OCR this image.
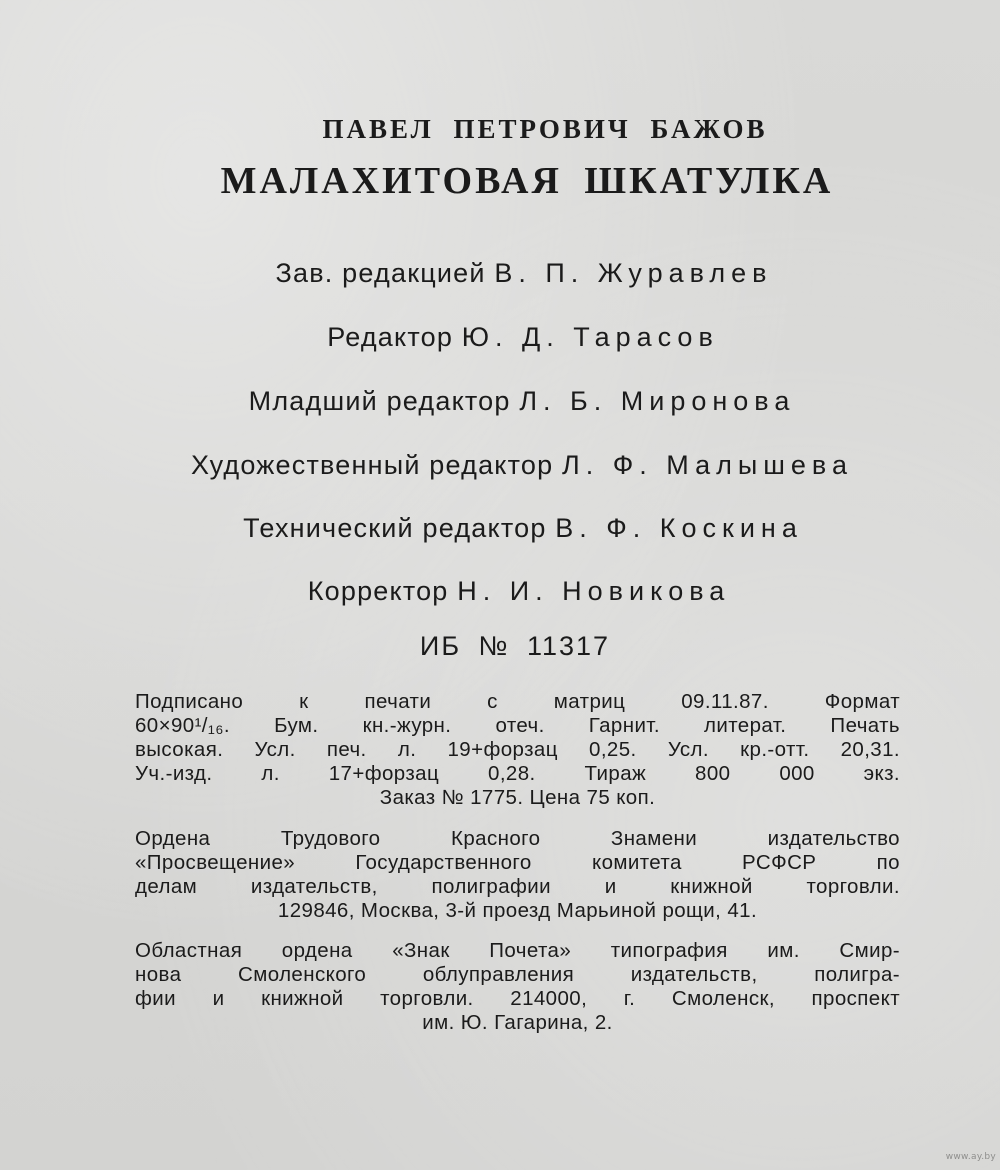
ПАВЕЛ ПЕТРОВИЧ БАЖОВ
МАЛАХИТОВАЯ ШКАТУЛКА
Зав. редакцией В. П. Журавлев
Редактор Ю. Д. Тарасов
Младший редактор Л. Б. Миронова
Художественный редактор Л. Ф. Малышева
Технический редактор В. Ф. Коскина
Корректор Н. И. Новикова
ИБ № 11317
Подписано к печати с матриц 09.11.87. Формат
60×90¹/₁₆. Бум. кн.-журн. отеч. Гарнит. литерат. Печать
высокая. Усл. печ. л. 19+форзац 0,25. Усл. кр.-отт. 20,31.
Уч.-изд. л. 17+форзац 0,28. Тираж 800 000 экз.
Заказ № 1775. Цена 75 коп.
Ордена Трудового Красного Знамени издательство
«Просвещение» Государственного комитета РСФСР по
делам издательств, полиграфии и книжной торговли.
129846, Москва, 3-й проезд Марьиной рощи, 41.
Областная ордена «Знак Почета» типография им. Смир-
нова Смоленского облуправления издательств, полигра-
фии и книжной торговли. 214000, г. Смоленск, проспект
им. Ю. Гагарина, 2.
www.ay.by
